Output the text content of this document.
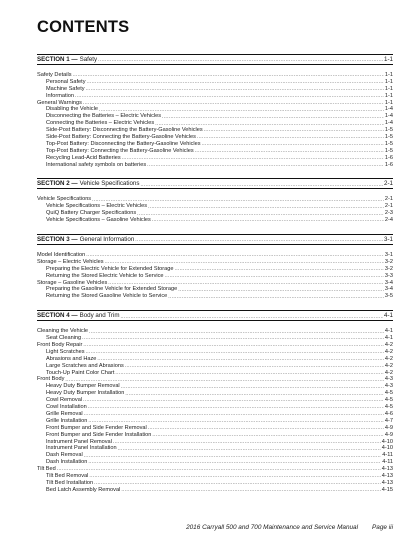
CONTENTS
SECTION 1 — Safety .....	1-1
Safety Details .....	1-1
Personal Safety .....	1-1
Machine Safety .....	1-1
Information .....	1-1
General Warnings .....	1-1
Disabling the Vehicle .....	1-4
Disconnecting the Batteries – Electric Vehicles .....	1-4
Connecting the Batteries – Electric Vehicles .....	1-4
Side-Post Battery: Disconnecting the Battery-Gasoline Vehicles .....	1-5
Side-Post Battery: Connecting the Battery-Gasoline Vehicles .....	1-5
Top-Post Battery: Disconnecting the Battery-Gasoline Vehicles .....	1-5
Top-Post Battery: Connecting the Battery-Gasoline Vehicles .....	1-5
Recycling Lead-Acid Batteries .....	1-6
International safety symbols on batteries .....	1-6
SECTION 2 — Vehicle Specifications .....	2-1
Vehicle Specifications .....	2-1
Vehicle Specifications – Electric Vehicles .....	2-1
QuiQ Battery Charger Specifications .....	2-3
Vehicle Specifications – Gasoline Vehicles .....	2-4
SECTION 3 — General Information .....	3-1
Model Identification .....	3-1
Storage – Electric Vehicles .....	3-2
Preparing the Electric Vehicle for Extended Storage .....	3-2
Returning the Stored Electric Vehicle to Service .....	3-3
Storage – Gasoline Vehicles .....	3-4
Preparing the Gasoline Vehicle for Extended Storage .....	3-4
Returning the Stored Gasoline Vehicle to Service .....	3-5
SECTION 4 — Body and Trim .....	4-1
Cleaning the Vehicle .....	4-1
Seat Cleaning .....	4-1
Front Body Repair .....	4-2
Light Scratches .....	4-2
Abrasions and Haze .....	4-2
Large Scratches and Abrasions .....	4-2
Touch-Up Paint Color Chart .....	4-2
Front Body .....	4-3
Heavy Duty Bumper Removal .....	4-3
Heavy Duty Bumper Installation .....	4-5
Cowl Removal .....	4-5
Cowl Installation .....	4-5
Grille Removal .....	4-6
Grille Installation .....	4-7
Front Bumper and Side Fender Removal .....	4-9
Front Bumper and Side Fender Installation .....	4-9
Instrument Panel Removal .....	4-10
Instrument Panel Installation .....	4-10
Dash Removal .....	4-11
Dash Installation .....	4-11
Tilt Bed .....	4-13
Tilt Bed Removal .....	4-13
Tilt Bed Installation .....	4-13
Bed Latch Assembly Removal .....	4-15
2016 Carryall 500 and 700 Maintenance and Service Manual Page iii
